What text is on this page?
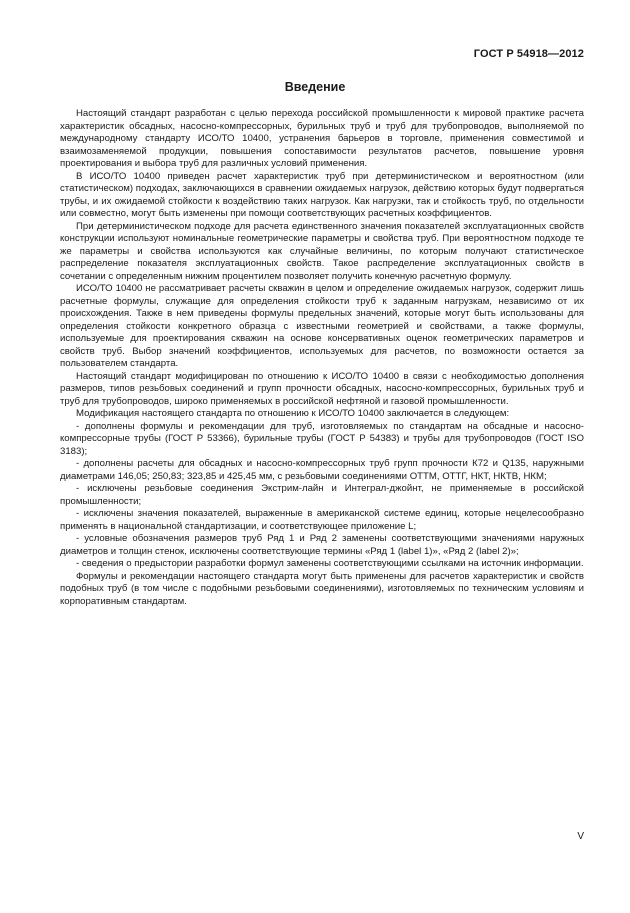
ГОСТ Р 54918—2012
Введение

Настоящий стандарт разработан с целью перехода российской промышленности к мировой практике расчета характеристик обсадных, насосно-компрессорных, бурильных труб и труб для трубопроводов, выполняемой по международному стандарту ИСО/ТО 10400, устранения барьеров в торговле, применения совместимой и взаимозаменяемой продукции, повышения сопоставимости результатов расчетов, повышение уровня проектирования и выбора труб для различных условий применения.

В ИСО/ТО 10400 приведен расчет характеристик труб при детерминистическом и вероятностном (или статистическом) подходах, заключающихся в сравнении ожидаемых нагрузок, действию которых будут подвергаться трубы, и их ожидаемой стойкости к воздействию таких нагрузок. Как нагрузки, так и стойкость труб, по отдельности или совместно, могут быть изменены при помощи соответствующих расчетных коэффициентов.

При детерминистическом подходе для расчета единственного значения показателей эксплуатационных свойств конструкции используют номинальные геометрические параметры и свойства труб. При вероятностном подходе те же параметры и свойства используются как случайные величины, по которым получают статистическое распределение показателя эксплуатационных свойств. Такое распределение эксплуатационных свойств в сочетании с определенным нижним процентилем позволяет получить конечную расчетную формулу.

ИСО/ТО 10400 не рассматривает расчеты скважин в целом и определение ожидаемых нагрузок, содержит лишь расчетные формулы, служащие для определения стойкости труб к заданным нагрузкам, независимо от их происхождения. Также в нем приведены формулы предельных значений, которые могут быть использованы для определения стойкости конкретного образца с известными геометрией и свойствами, а также формулы, используемые для проектирования скважин на основе консервативных оценок геометрических параметров и свойств труб. Выбор значений коэффициентов, используемых для расчетов, по возможности остается за пользователем стандарта.

Настоящий стандарт модифицирован по отношению к ИСО/ТО 10400 в связи с необходимостью дополнения размеров, типов резьбовых соединений и групп прочности обсадных, насосно-компрессорных, бурильных труб и труб для трубопроводов, широко применяемых в российской нефтяной и газовой промышленности.

Модификация настоящего стандарта по отношению к ИСО/ТО 10400 заключается в следующем:

- дополнены формулы и рекомендации для труб, изготовляемых по стандартам на обсадные и насосно-компрессорные трубы (ГОСТ Р 53366), бурильные трубы (ГОСТ Р 54383) и трубы для трубопроводов (ГОСТ ISO 3183);

- дополнены расчеты для обсадных и насосно-компрессорных труб групп прочности К72 и Q135, наружными диаметрами 146,05; 250,83; 323,85 и 425,45 мм, с резьбовыми соединениями ОТТМ, ОТТГ, НКТ, НКТВ, НКМ;

- исключены резьбовые соединения Экстрим-лайн и Интеграл-джойнт, не применяемые в российской промышленности;

- исключены значения показателей, выраженные в американской системе единиц, которые нецелесообразно применять в национальной стандартизации, и соответствующее приложение L;

- условные обозначения размеров труб Ряд 1 и Ряд 2 заменены соответствующими значениями наружных диаметров и толщин стенок, исключены соответствующие термины «Ряд 1 (label 1)», «Ряд 2 (label 2)»;

- сведения о предыстории разработки формул заменены соответствующими ссылками на источник информации.

Формулы и рекомендации настоящего стандарта могут быть применены для расчетов характеристик и свойств подобных труб (в том числе с подобными резьбовыми соединениями), изготовляемых по техническим условиям и корпоративным стандартам.

V
